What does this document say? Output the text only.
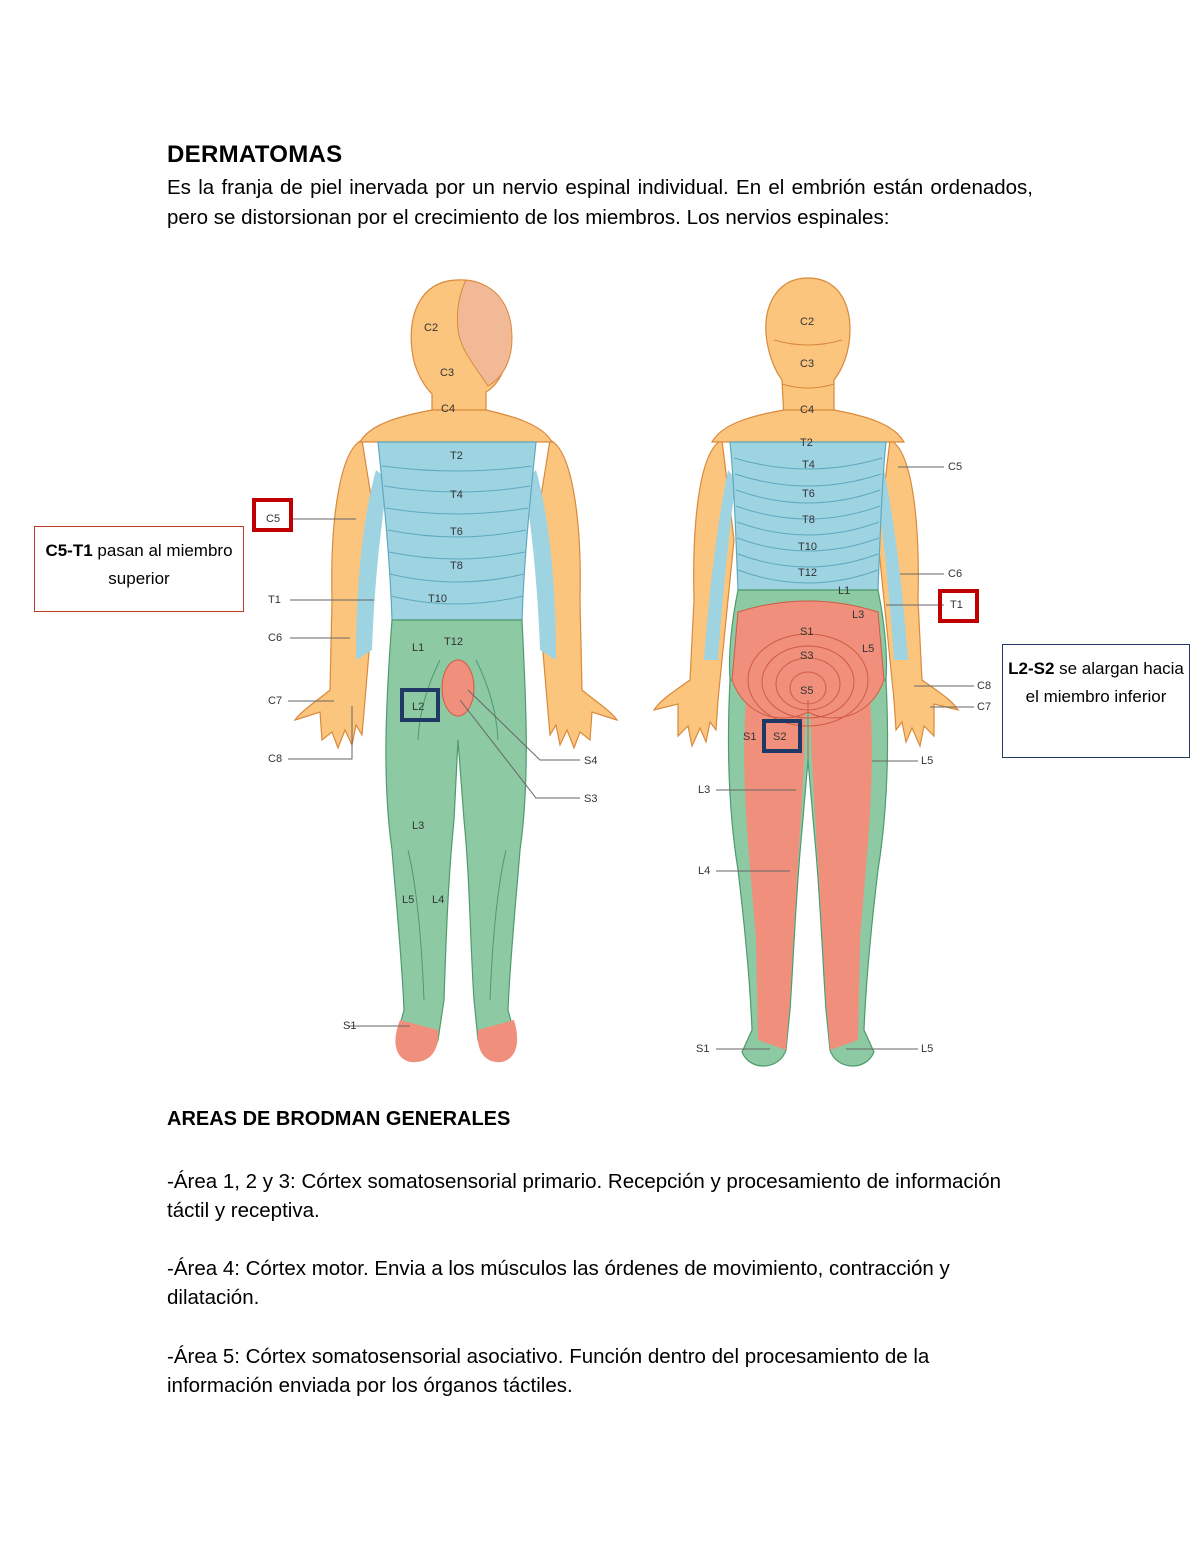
DERMATOMAS
Es la franja de piel inervada por un nervio espinal individual. En el embrión están ordenados, pero se distorsionan por el crecimiento de los miembros. Los nervios espinales:
C2
C3
C4
T2
T4
T6
T8
T10
T12
L1
L2
L3
L5 L4
C5
T1
C6
C7
C8
S1
S4
S3
C2
C3
C4
T2
T4
T6
T8
T10
T12
L1
L3
L5
S1
S3
S5
S1 S2
C5
C6
T1
C8
C7
L5
L3
L4
S1	L5
C5-T1 pasan al miembro superior
L2-S2 se alargan hacia el miembro inferior
AREAS DE BRODMAN GENERALES
-Área 1, 2 y 3: Córtex somatosensorial primario. Recepción y procesamiento de información táctil y receptiva.
-Área 4: Córtex motor. Envia a los músculos las órdenes de movimiento, contracción y dilatación.
-Área 5: Córtex somatosensorial asociativo. Función dentro del procesamiento de la información enviada por los órganos táctiles.
